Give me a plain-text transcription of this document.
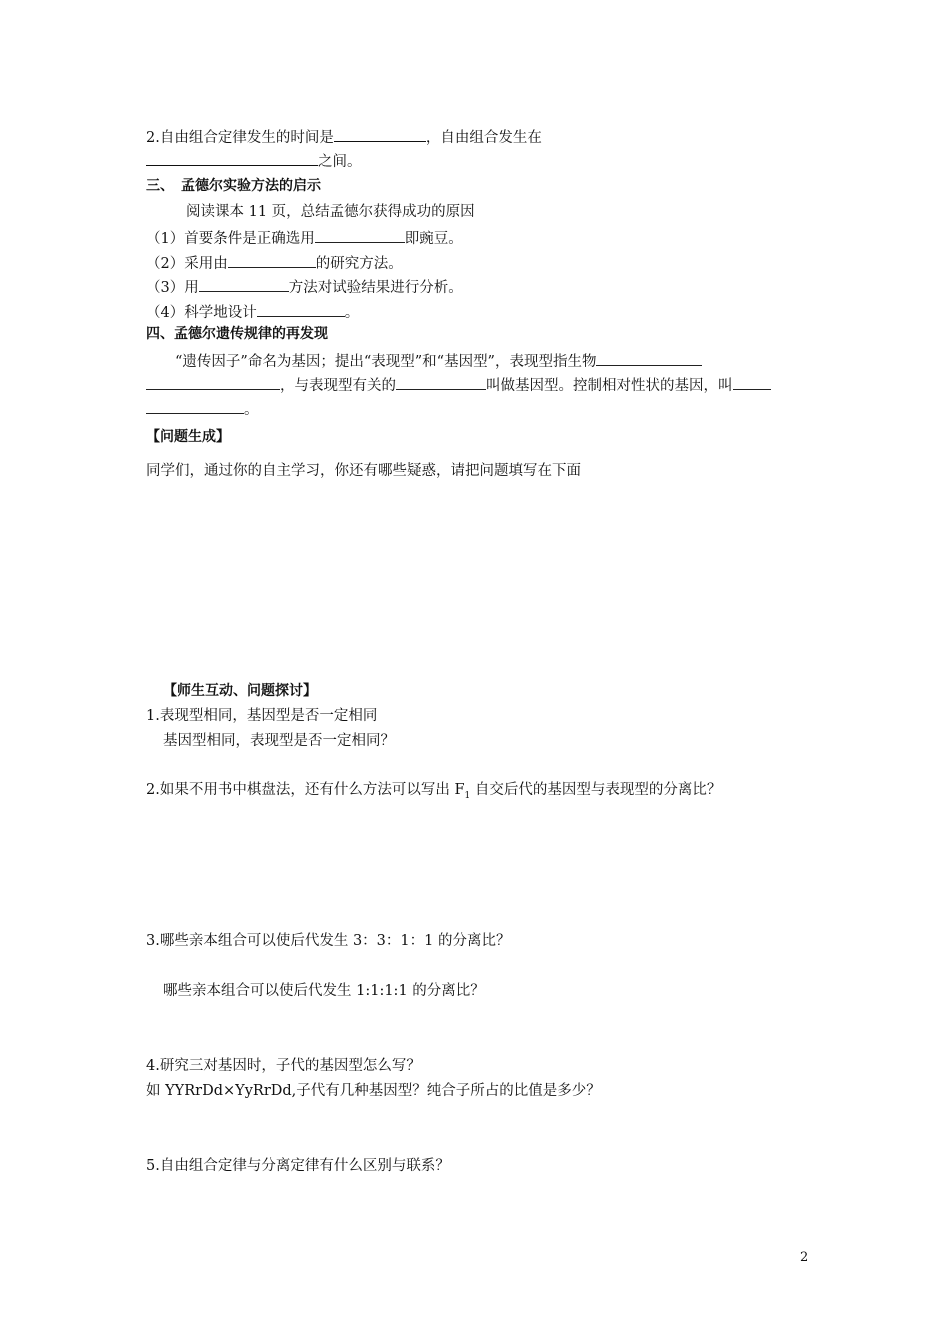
2.自由组合定律发生的时间是	，自由组合发生在
之间。
三、　孟德尔实验方法的启示
阅读课本 11 页，总结孟德尔获得成功的原因
（1）首要条件是正确选用	即豌豆。
（2）采用由	的研究方法。
（3）用	方法对试验结果进行分析。
（4）科学地设计	。
四、孟德尔遗传规律的再发现
“遗传因子”命名为基因；提出“表现型”和“基因型”，表现型指生物
，与表现型有关的	叫做基因型。控制相对性状的基因，叫
。
【问题生成】
同学们，通过你的自主学习，你还有哪些疑惑，请把问题填写在下面
【师生互动、问题探讨】
1.表现型相同，基因型是否一定相同
基因型相同，表现型是否一定相同？
2.如果不用书中棋盘法，还有什么方法可以写出 $F_1$ 自交后代的基因型与表现型的分离比？
3.哪些亲本组合可以使后代发生 3：3：1：1 的分离比？
哪些亲本组合可以使后代发生 1:1:1:1 的分离比？
4.研究三对基因时，子代的基因型怎么写？
如 YYRrDd×YyRrDd,子代有几种基因型？纯合子所占的比值是多少？
5.自由组合定律与分离定律有什么区别与联系？
2
